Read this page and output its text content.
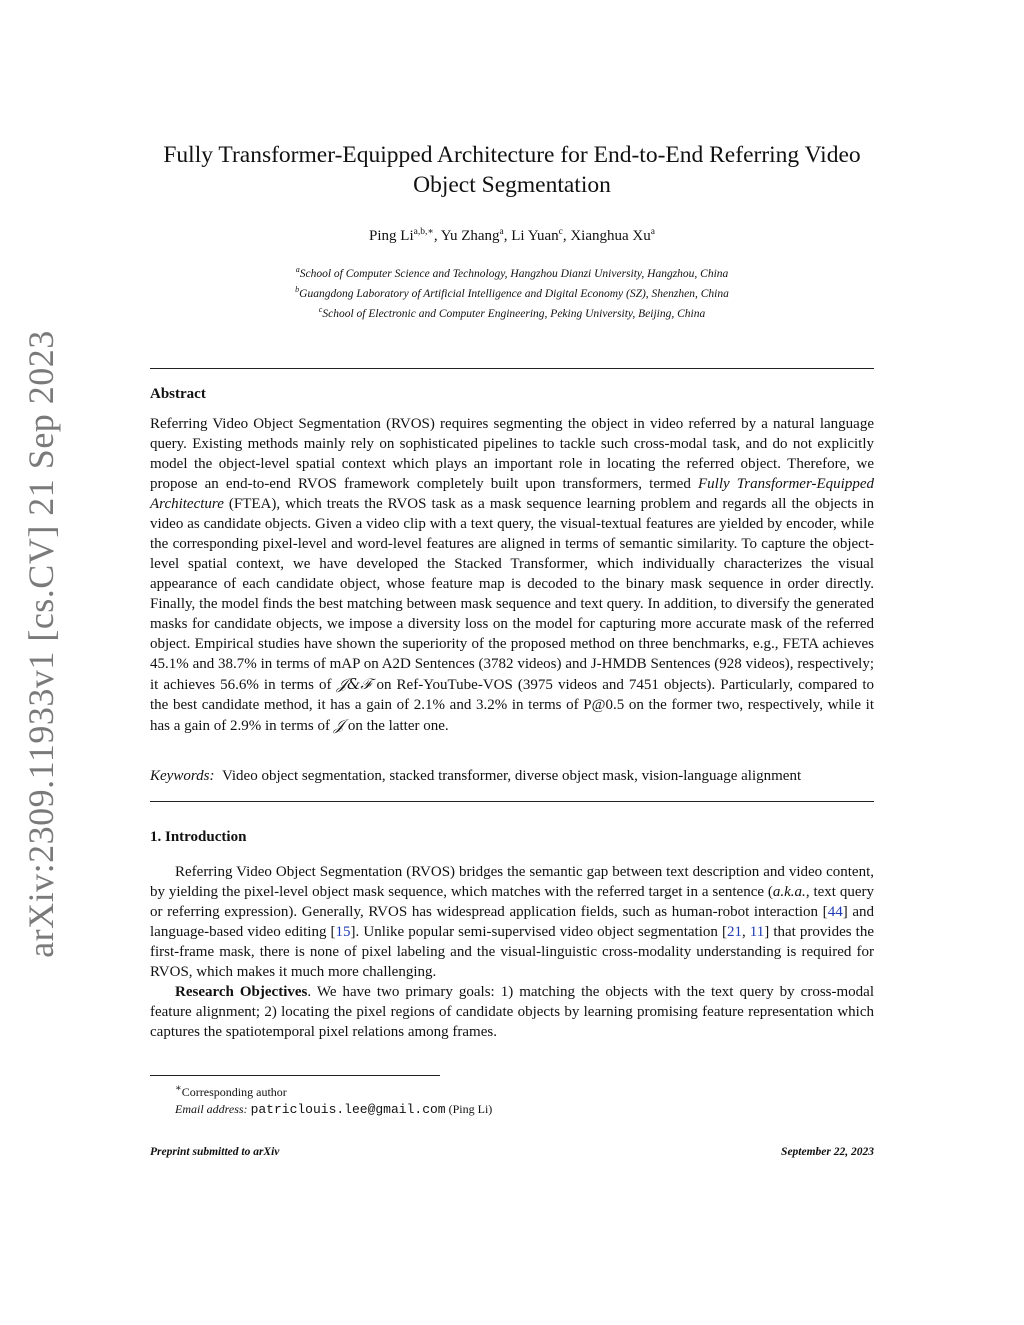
arXiv:2309.11933v1 [cs.CV] 21 Sep 2023
Fully Transformer-Equipped Architecture for End-to-End Referring Video Object Segmentation
Ping $Li^{a,b,∗}$, Yu Zhang$^a$, Li Yuan$^c$, Xianghua Xu$^a$
$^a$School of Computer Science and Technology, Hangzhou Dianzi University, Hangzhou, China
$^b$Guangdong Laboratory of Artificial Intelligence and Digital Economy (SZ), Shenzhen, China
$^c$School of Electronic and Computer Engineering, Peking University, Beijing, China
Abstract
Referring Video Object Segmentation (RVOS) requires segmenting the object in video referred by a natural language query. Existing methods mainly rely on sophisticated pipelines to tackle such cross-modal task, and do not explicitly model the object-level spatial context which plays an important role in locating the referred object. Therefore, we propose an end-to-end RVOS framework completely built upon transformers, termed Fully Transformer-Equipped Architecture (FTEA), which treats the RVOS task as a mask sequence learning problem and regards all the objects in video as candidate objects. Given a video clip with a text query, the visual-textual features are yielded by encoder, while the corresponding pixel-level and word-level features are aligned in terms of semantic similarity. To capture the object-level spatial context, we have developed the Stacked Transformer, which individually characterizes the visual appearance of each candidate object, whose feature map is decoded to the binary mask sequence in order directly. Finally, the model finds the best matching between mask sequence and text query. In addition, to diversify the generated masks for candidate objects, we impose a diversity loss on the model for capturing more accurate mask of the referred object. Empirical studies have shown the superiority of the proposed method on three benchmarks, e.g., FETA achieves 45.1% and 38.7% in terms of mAP on A2D Sentences (3782 videos) and J-HMDB Sentences (928 videos), respectively; it achieves 56.6% in terms of 𝒥&ℱ on Ref-YouTube-VOS (3975 videos and 7451 objects). Particularly, compared to the best candidate method, it has a gain of 2.1% and 3.2% in terms of P@0.5 on the former two, respectively, while it has a gain of 2.9% in terms of 𝒥 on the latter one.
Keywords: Video object segmentation, stacked transformer, diverse object mask, vision-language alignment
1. Introduction

Referring Video Object Segmentation (RVOS) bridges the semantic gap between text description and video content, by yielding the pixel-level object mask sequence, which matches with the referred target in a sentence (a.k.a., text query or referring expression). Generally, RVOS has widespread application fields, such as human-robot interaction [44] and language-based video editing [15]. Unlike popular semi-supervised video object segmentation [21, 11] that provides the first-frame mask, there is none of pixel labeling and the visual-linguistic cross-modality understanding is required for RVOS, which makes it much more challenging.

Research Objectives. We have two primary goals: 1) matching the objects with the text query by cross-modal feature alignment; 2) locating the pixel regions of candidate objects by learning promising feature representation which captures the spatiotemporal pixel relations among frames.

∗Corresponding author
Email address: patriclouis.lee@gmail.com (Ping Li)
Preprint submitted to arXiv	September 22, 2023
